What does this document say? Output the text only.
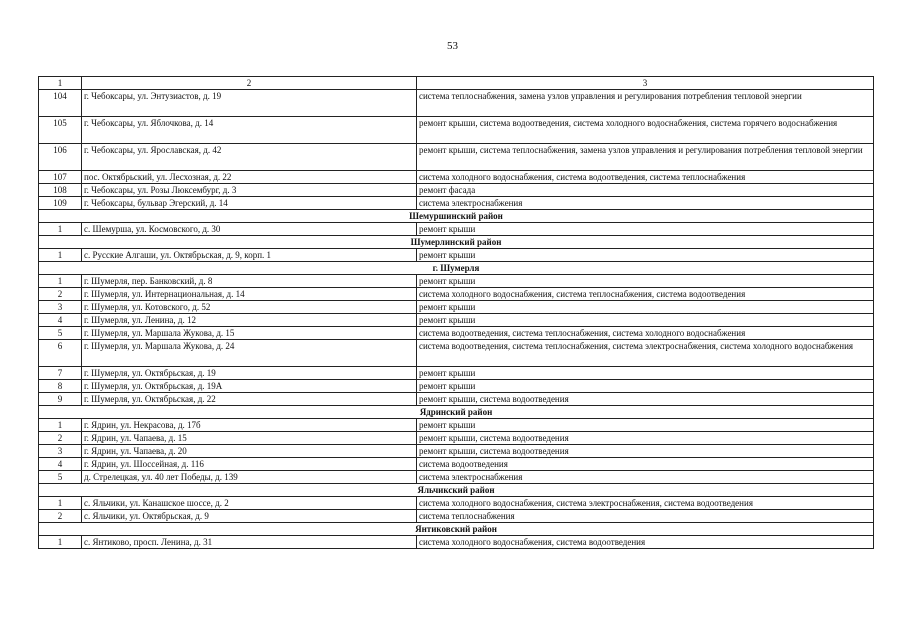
53
1	2	3
104	г. Чебоксары, ул. Энтузиастов, д. 19	система теплоснабжения, замена узлов управления и регулирования потребления тепловой энергии
105	г. Чебоксары, ул. Яблочкова, д. 14	ремонт крыши, система водоотведения, система холодного водоснабжения, система горячего водоснабжения
106	г. Чебоксары, ул. Ярославская, д. 42	ремонт крыши, система теплоснабжения, замена узлов управления и регулирования потребления тепловой энергии
107	пос. Октябрьский, ул. Лесхозная, д. 22	система холодного водоснабжения, система водоотведения, система теплоснабжения
108	г. Чебоксары, ул. Розы Люксембург, д. 3	ремонт фасада
109	г. Чебоксары, бульвар Эгерский, д. 14	система электроснабжения
Шемуршинский район		
1	с. Шемурша, ул. Космовского, д. 30	ремонт крыши
Шумерлинский район		
1	с. Русские Алгаши, ул. Октябрьская, д. 9, корп. 1	ремонт крыши
г. Шумерля		
1	г. Шумерля, пер. Банковский, д. 8	ремонт крыши
2	г. Шумерля, ул. Интернациональная, д. 14	система холодного водоснабжения, система теплоснабжения, система водоотведения
3	г. Шумерля, ул. Котовского, д. 52	ремонт крыши
4	г. Шумерля, ул. Ленина, д. 12	ремонт крыши
5	г. Шумерля, ул. Маршала Жукова, д. 15	система водоотведения, система теплоснабжения, система холодного водоснабжения
6	г. Шумерля, ул. Маршала Жукова, д. 24	система водоотведения, система теплоснабжения, система электроснабжения, система холодного водоснабжения
7	г. Шумерля, ул. Октябрьская, д. 19	ремонт крыши
8	г. Шумерля, ул. Октябрьская, д. 19А	ремонт крыши
9	г. Шумерля, ул. Октябрьская, д. 22	ремонт крыши, система водоотведения
Ядринский район		
1	г. Ядрин, ул. Некрасова, д. 17б	ремонт крыши
2	г. Ядрин, ул. Чапаева, д. 15	ремонт крыши, система водоотведения
3	г. Ядрин, ул. Чапаева, д. 20	ремонт крыши, система водоотведения
4	г. Ядрин, ул. Шоссейная, д. 116	система водоотведения
5	д. Стрелецкая, ул. 40 лет Победы, д. 139	система электроснабжения
Яльчикский район		
1	с. Яльчики, ул. Канашское шоссе, д. 2	система холодного водоснабжения, система электроснабжения, система водоотведения
2	с. Яльчики, ул. Октябрьская, д. 9	система теплоснабжения
Янтиковский район		
1	с. Янтиково, просп. Ленина, д. 31	система холодного водоснабжения, система водоотведения
